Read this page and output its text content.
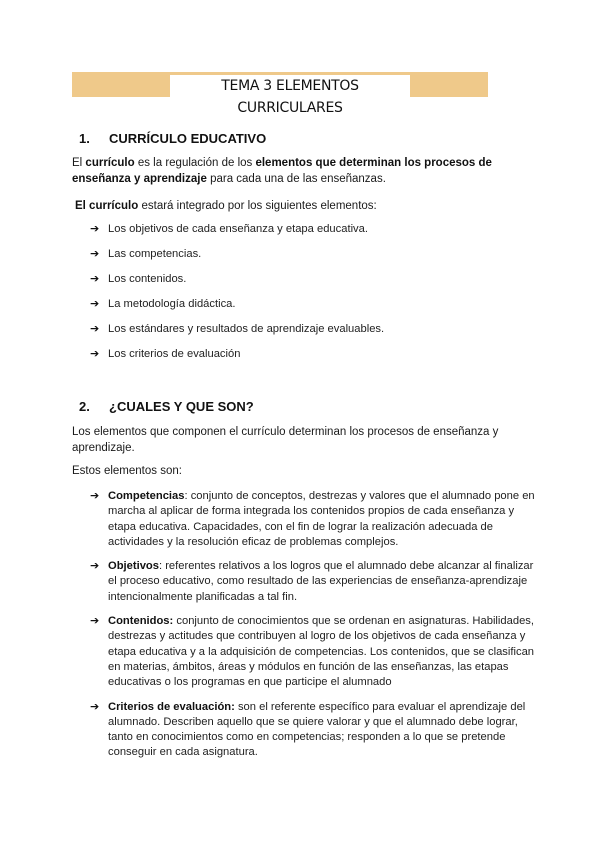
TEMA 3 ELEMENTOS CURRICULARES
1. CURRÍCULO EDUCATIVO
El currículo es la regulación de los elementos que determinan los procesos de enseñanza y aprendizaje para cada una de las enseñanzas.
El currículo estará integrado por los siguientes elementos:
➔ Los objetivos de cada enseñanza y etapa educativa.
➔ Las competencias.
➔ Los contenidos.
➔ La metodología didáctica.
➔ Los estándares y resultados de aprendizaje evaluables.
➔ Los criterios de evaluación
2. ¿CUALES Y QUE SON?
Los elementos que componen el currículo determinan los procesos de enseñanza y aprendizaje.
Estos elementos son:
➔ Competencias: conjunto de conceptos, destrezas y valores que el alumnado pone en marcha al aplicar de forma integrada los contenidos propios de cada enseñanza y etapa educativa. Capacidades, con el fin de lograr la realización adecuada de actividades y la resolución eficaz de problemas complejos.
➔ Objetivos: referentes relativos a los logros que el alumnado debe alcanzar al finalizar el proceso educativo, como resultado de las experiencias de enseñanza-aprendizaje intencionalmente planificadas a tal fin.
➔ Contenidos: conjunto de conocimientos que se ordenan en asignaturas. Habilidades, destrezas y actitudes que contribuyen al logro de los objetivos de cada enseñanza y etapa educativa y a la adquisición de competencias. Los contenidos, que se clasifican en materias, ámbitos, áreas y módulos en función de las enseñanzas, las etapas educativas o los programas en que participe el alumnado
➔ Criterios de evaluación: son el referente específico para evaluar el aprendizaje del alumnado. Describen aquello que se quiere valorar y que el alumnado debe lograr, tanto en conocimientos como en competencias; responden a lo que se pretende conseguir en cada asignatura.
